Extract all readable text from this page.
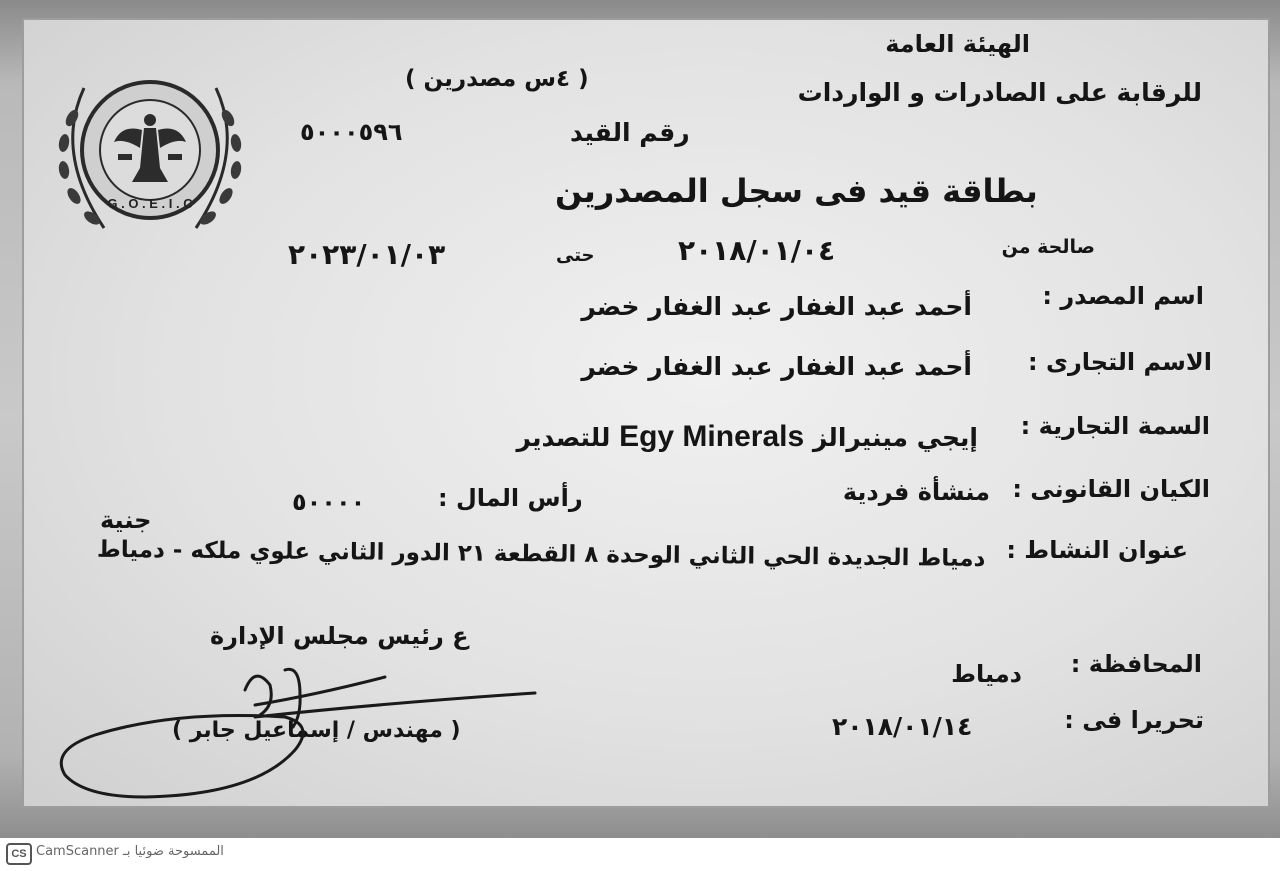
G . O . E . I . C
الهيئة العامة
للرقابة على الصادرات و الواردات
( ٤س مصدرين )
رقم القيد
٥٠٠٠٥٩٦
بطاقة قيد فى سجل المصدرين
صالحة من
٢٠١٨/٠١/٠٤
حتى
٢٠٢٣/٠١/٠٣
اسم المصدر :
أحمد عبد الغفار عبد الغفار خضر
الاسم التجارى :
أحمد عبد الغفار عبد الغفار خضر
السمة التجارية :
إيجي مينيرالز Egy Minerals للتصدير
الكيان القانونى :
منشأة فردية
رأس المال :
٥٠٠٠٠
جنية
عنوان النشاط :
دمياط الجديدة الحي الثاني الوحدة ٨ القطعة ٢١ الدور الثاني علوي ملكه - دمياط
ع رئيس مجلس الإدارة
( مهندس / إسماعيل جابر )
المحافظة :
دمياط
تحريرا فى :
٢٠١٨/٠١/١٤
CS الممسوحة ضوئيا بـ CamScanner
